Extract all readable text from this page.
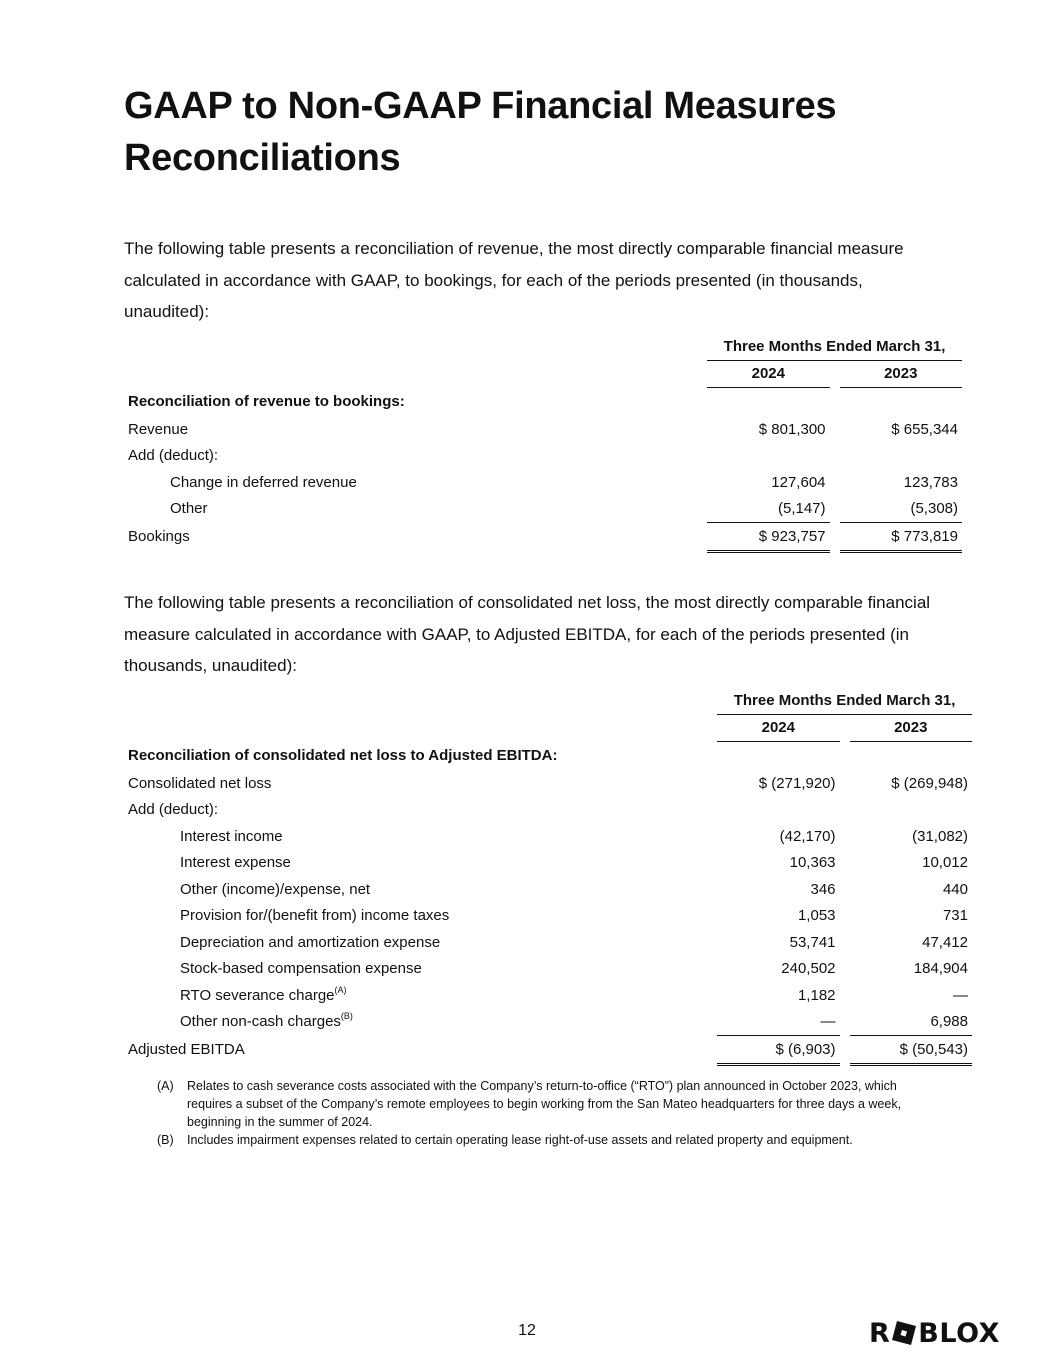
GAAP to Non-GAAP Financial Measures Reconciliations

The following table presents a reconciliation of revenue, the most directly comparable financial measure calculated in accordance with GAAP, to bookings, for each of the periods presented (in thousands, unaudited):

	Three Months Ended March 31,		
	2024		2023
Reconciliation of revenue to bookings:			
Revenue	$ 801,300		$ 655,344
Add (deduct):			
Change in deferred revenue	127,604		123,783
Other	(5,147)		(5,308)
Bookings	$ 923,757		$ 773,819

The following table presents a reconciliation of consolidated net loss, the most directly comparable financial measure calculated in accordance with GAAP, to Adjusted EBITDA, for each of the periods presented (in thousands, unaudited):

	Three Months Ended March 31,		
	2024		2023
Reconciliation of consolidated net loss to Adjusted EBITDA:			
Consolidated net loss	$ (271,920)		$ (269,948)
Add (deduct):			
Interest income	(42,170)		(31,082)
Interest expense	10,363		10,012
Other (income)/expense, net	346		440
Provision for/(benefit from) income taxes	1,053		731
Depreciation and amortization expense	53,741		47,412
Stock-based compensation expense	240,502		184,904
RTO severance charge$^{(A)}$	1,182		—
Other non-cash charges$^{(B)}$	—		6,988
Adjusted EBITDA	$ (6,903)		$ (50,543)
(A)	Relates to cash severance costs associated with the Company’s return-to-office (“RTO”) plan announced in October 2023, which requires a subset of the Company’s remote employees to begin working from the San Mateo headquarters for three days a week, beginning in the summer of 2024.
(B)	Includes impairment expenses related to certain operating lease right-of-use assets and related property and equipment.
12	R BLOX
